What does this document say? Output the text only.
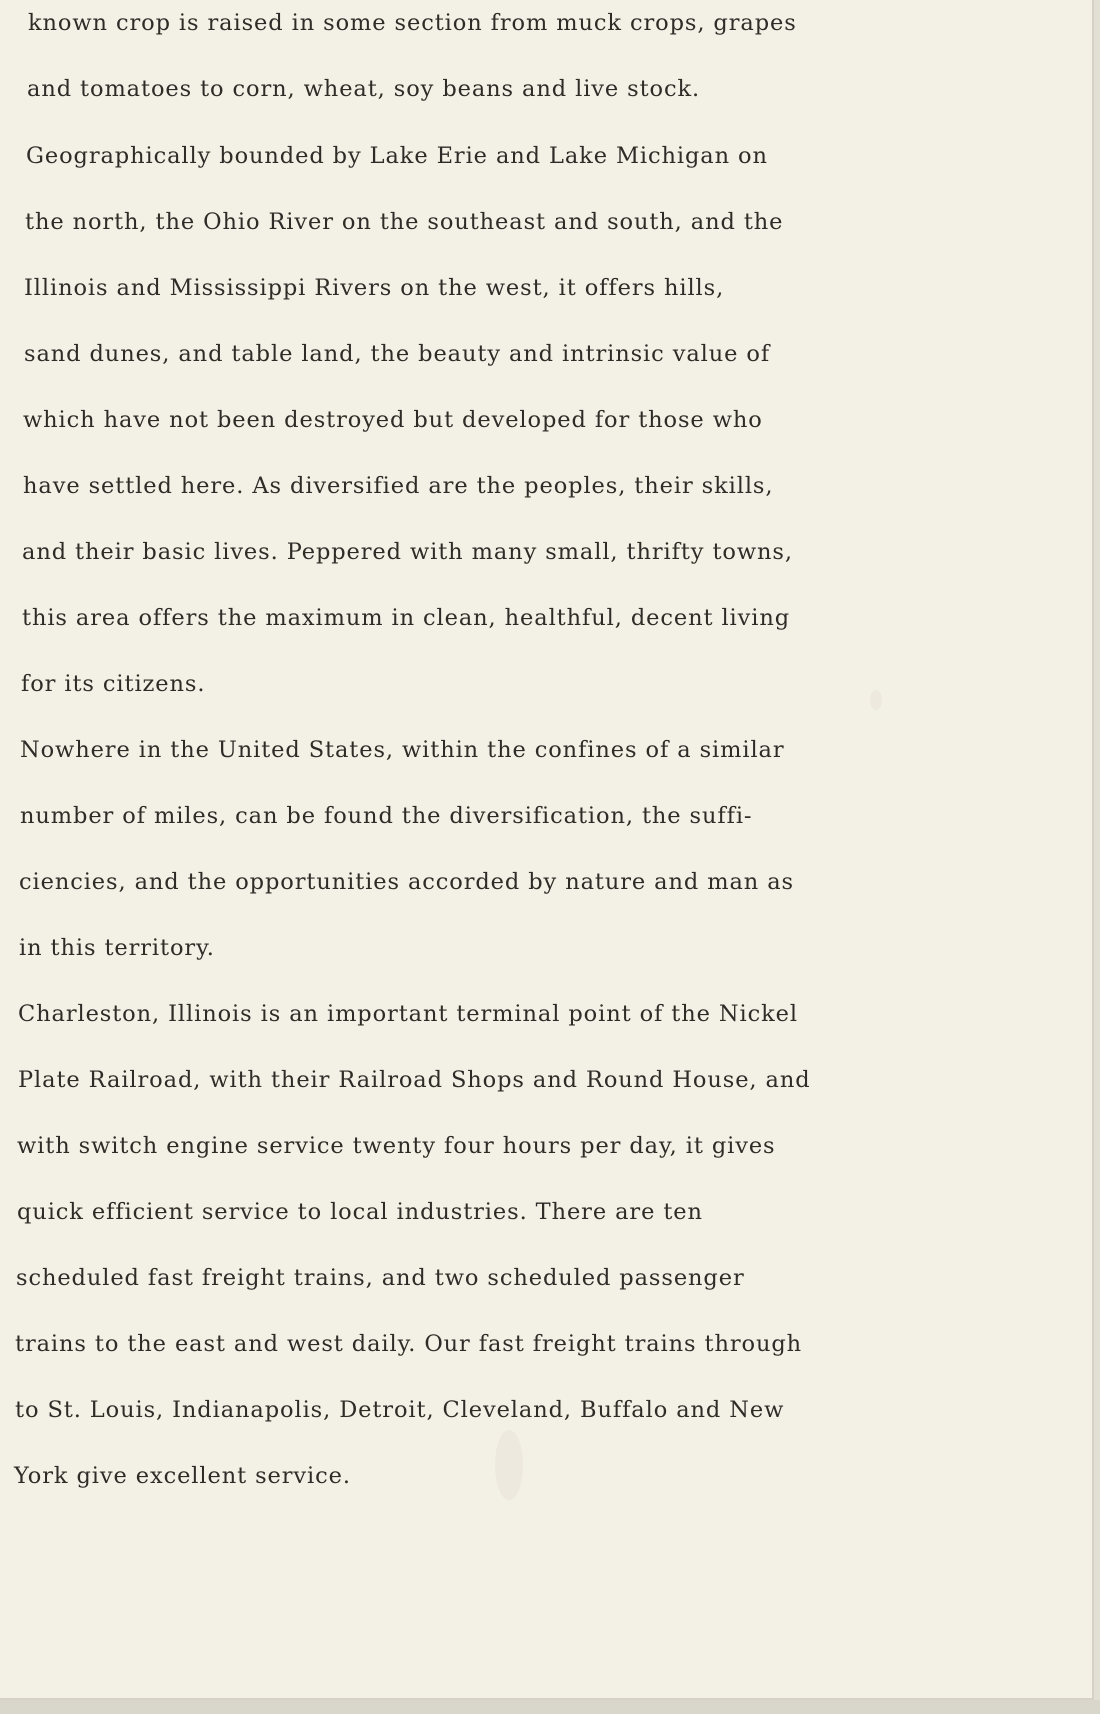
known crop is raised in some section from muck crops, grapes
and tomatoes to corn, wheat, soy beans and live stock.
Geographically bounded by Lake Erie and Lake Michigan on
the north, the Ohio River on the southeast and south, and the
Illinois and Mississippi Rivers on the west, it offers hills,
sand dunes, and table land, the beauty and intrinsic value of
which have not been destroyed but developed for those who
have settled here. As diversified are the peoples, their skills,
and their basic lives. Peppered with many small, thrifty towns,
this area offers the maximum in clean, healthful, decent living
for its citizens.
Nowhere in the United States, within the confines of a similar
number of miles, can be found the diversification, the suffi-
ciencies, and the opportunities accorded by nature and man as
in this territory.
Charleston, Illinois is an important terminal point of the Nickel
Plate Railroad, with their Railroad Shops and Round House, and
with switch engine service twenty four hours per day, it gives
quick efficient service to local industries. There are ten
scheduled fast freight trains, and two scheduled passenger
trains to the east and west daily. Our fast freight trains through
to St. Louis, Indianapolis, Detroit, Cleveland, Buffalo and New
York give excellent service.
